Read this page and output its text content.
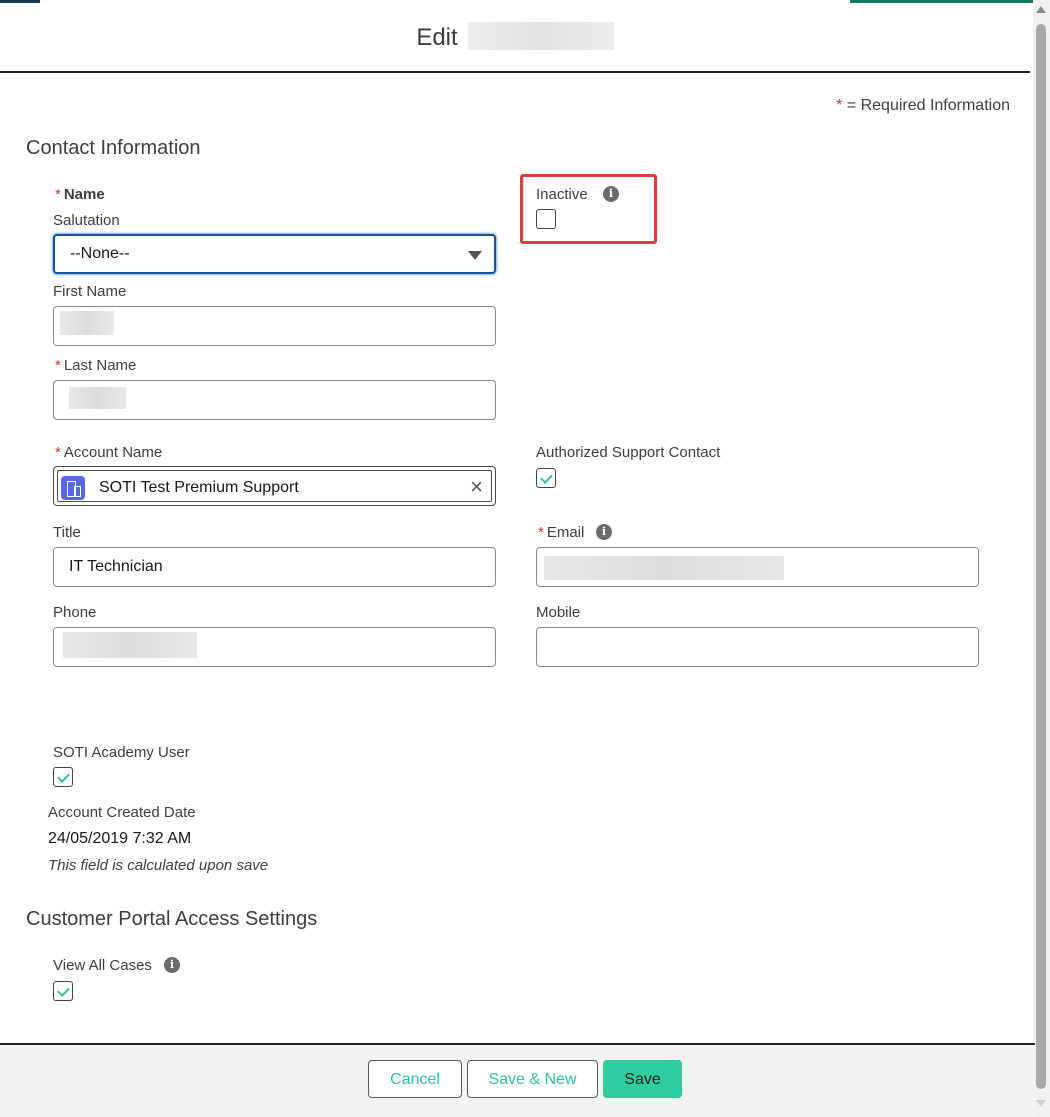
Edit
* = Required Information
Contact Information
* Name
Salutation
--None--
First Name
* Last Name
Inactive	i
* Account Name
SOTI Test Premium Support	×
Authorized Support Contact
Title
IT Technician
* Email	i
Phone	Mobile
SOTI Academy User
Account Created Date
24/05/2019 7:32 AM
This field is calculated upon save
Customer Portal Access Settings
View All Cases	i
Cancel	Save & New	Save
